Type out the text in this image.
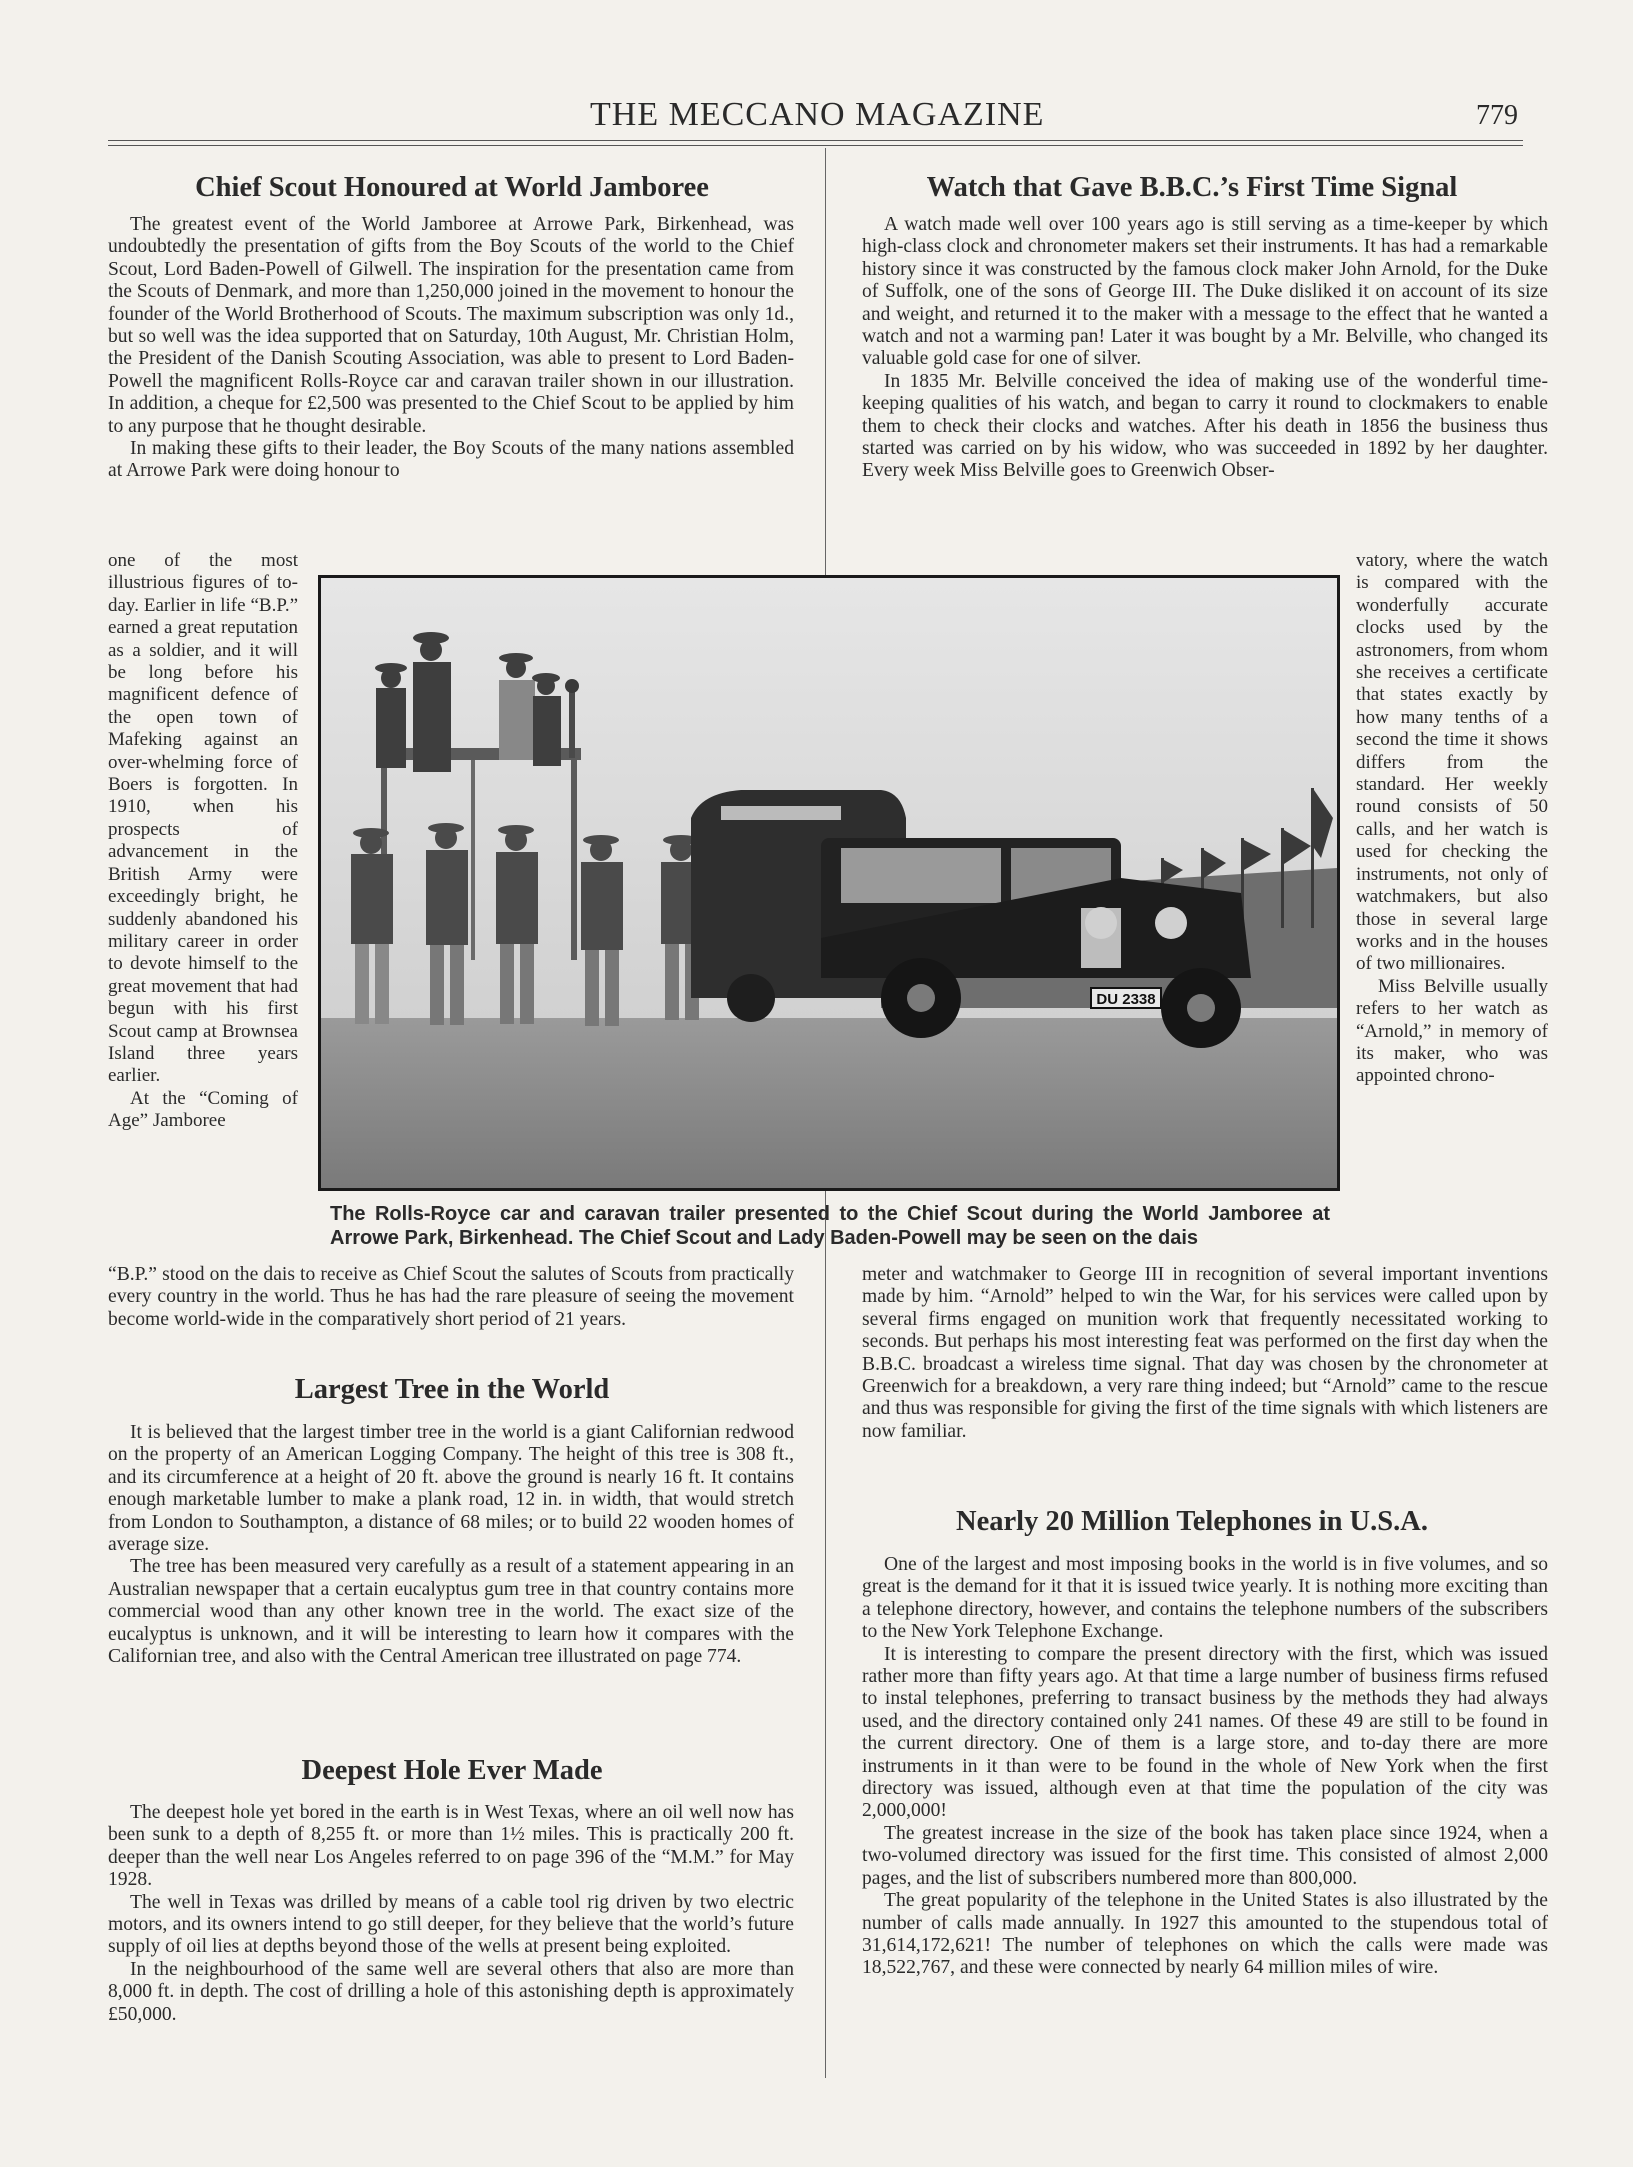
THE MECCANO MAGAZINE	779
Chief Scout Honoured at World Jamboree

The greatest event of the World Jamboree at Arrowe Park, Birkenhead, was undoubtedly the presentation of gifts from the Boy Scouts of the world to the Chief Scout, Lord Baden-Powell of Gilwell. The inspiration for the presentation came from the Scouts of Denmark, and more than 1,250,000 joined in the movement to honour the founder of the World Brotherhood of Scouts. The maximum subscription was only 1d., but so well was the idea supported that on Saturday, 10th August, Mr. Christian Holm, the President of the Danish Scouting Association, was able to present to Lord Baden-Powell the magnificent Rolls-Royce car and caravan trailer shown in our illustration. In addition, a cheque for £2,500 was presented to the Chief Scout to be applied by him to any purpose that he thought desirable.

In making these gifts to their leader, the Boy Scouts of the many nations assembled at Arrowe Park were doing honour to

one of the most illustrious figures of to-day. Earlier in life “B.P.” earned a great reputation as a soldier, and it will be long before his magnificent defence of the open town of Mafeking against an over-whelming force of Boers is forgotten. In 1910, when his prospects of advancement in the British Army were exceedingly bright, he suddenly abandoned his military career in order to devote himself to the great movement that had begun with his first Scout camp at Brownsea Island three years earlier.

At the “Coming of Age” Jamboree

“B.P.” stood on the dais to receive as Chief Scout the salutes of Scouts from practically every country in the world. Thus he has had the rare pleasure of seeing the movement become world-wide in the comparatively short period of 21 years.

Largest Tree in the World

It is believed that the largest timber tree in the world is a giant Californian redwood on the property of an American Logging Company. The height of this tree is 308 ft., and its circumference at a height of 20 ft. above the ground is nearly 16 ft. It contains enough marketable lumber to make a plank road, 12 in. in width, that would stretch from London to Southampton, a distance of 68 miles; or to build 22 wooden homes of average size.

The tree has been measured very carefully as a result of a statement appearing in an Australian newspaper that a certain eucalyptus gum tree in that country contains more commercial wood than any other known tree in the world. The exact size of the eucalyptus is unknown, and it will be interesting to learn how it compares with the Californian tree, and also with the Central American tree illustrated on page 774.

Deepest Hole Ever Made

The deepest hole yet bored in the earth is in West Texas, where an oil well now has been sunk to a depth of 8,255 ft. or more than 1½ miles. This is practically 200 ft. deeper than the well near Los Angeles referred to on page 396 of the “M.M.” for May 1928.

The well in Texas was drilled by means of a cable tool rig driven by two electric motors, and its owners intend to go still deeper, for they believe that the world’s future supply of oil lies at depths beyond those of the wells at present being exploited.

In the neighbourhood of the same well are several others that also are more than 8,000 ft. in depth. The cost of drilling a hole of this astonishing depth is approximately £50,000.

Watch that Gave B.B.C.’s First Time Signal

A watch made well over 100 years ago is still serving as a time-keeper by which high-class clock and chronometer makers set their instruments. It has had a remarkable history since it was constructed by the famous clock maker John Arnold, for the Duke of Suffolk, one of the sons of George III. The Duke disliked it on account of its size and weight, and returned it to the maker with a message to the effect that he wanted a watch and not a warming pan! Later it was bought by a Mr. Belville, who changed its valuable gold case for one of silver.

In 1835 Mr. Belville conceived the idea of making use of the wonderful time-keeping qualities of his watch, and began to carry it round to clockmakers to enable them to check their clocks and watches. After his death in 1856 the business thus started was carried on by his widow, who was succeeded in 1892 by her daughter. Every week Miss Belville goes to Greenwich Obser-

vatory, where the watch is compared with the wonderfully accurate clocks used by the astronomers, from whom she receives a certificate that states exactly by how many tenths of a second the time it shows differs from the standard. Her weekly round consists of 50 calls, and her watch is used for checking the instruments, not only of watchmakers, but also those in several large works and in the houses of two millionaires.

Miss Belville usually refers to her watch as “Arnold,” in memory of its maker, who was appointed chrono-

meter and watchmaker to George III in recognition of several important inventions made by him. “Arnold” helped to win the War, for his services were called upon by several firms engaged on munition work that frequently necessitated working to seconds. But perhaps his most interesting feat was performed on the first day when the B.B.C. broadcast a wireless time signal. That day was chosen by the chronometer at Greenwich for a breakdown, a very rare thing indeed; but “Arnold” came to the rescue and thus was responsible for giving the first of the time signals with which listeners are now familiar.

Nearly 20 Million Telephones in U.S.A.

One of the largest and most imposing books in the world is in five volumes, and so great is the demand for it that it is issued twice yearly. It is nothing more exciting than a telephone directory, however, and contains the telephone numbers of the subscribers to the New York Telephone Exchange.

It is interesting to compare the present directory with the first, which was issued rather more than fifty years ago. At that time a large number of business firms refused to instal telephones, preferring to transact business by the methods they had always used, and the directory contained only 241 names. Of these 49 are still to be found in the current directory. One of them is a large store, and to-day there are more instruments in it than were to be found in the whole of New York when the first directory was issued, although even at that time the population of the city was 2,000,000!

The greatest increase in the size of the book has taken place since 1924, when a two-volumed directory was issued for the first time. This consisted of almost 2,000 pages, and the list of subscribers numbered more than 800,000.

The great popularity of the telephone in the United States is also illustrated by the number of calls made annually. In 1927 this amounted to the stupendous total of 31,614,172,621! The number of telephones on which the calls were made was 18,522,767, and these were connected by nearly 64 million miles of wire.

DU 2338
The Rolls-Royce car and caravan trailer presented to the Chief Scout during the World Jamboree at Arrowe Park, Birkenhead. The Chief Scout and Lady Baden-Powell may be seen on the dais
